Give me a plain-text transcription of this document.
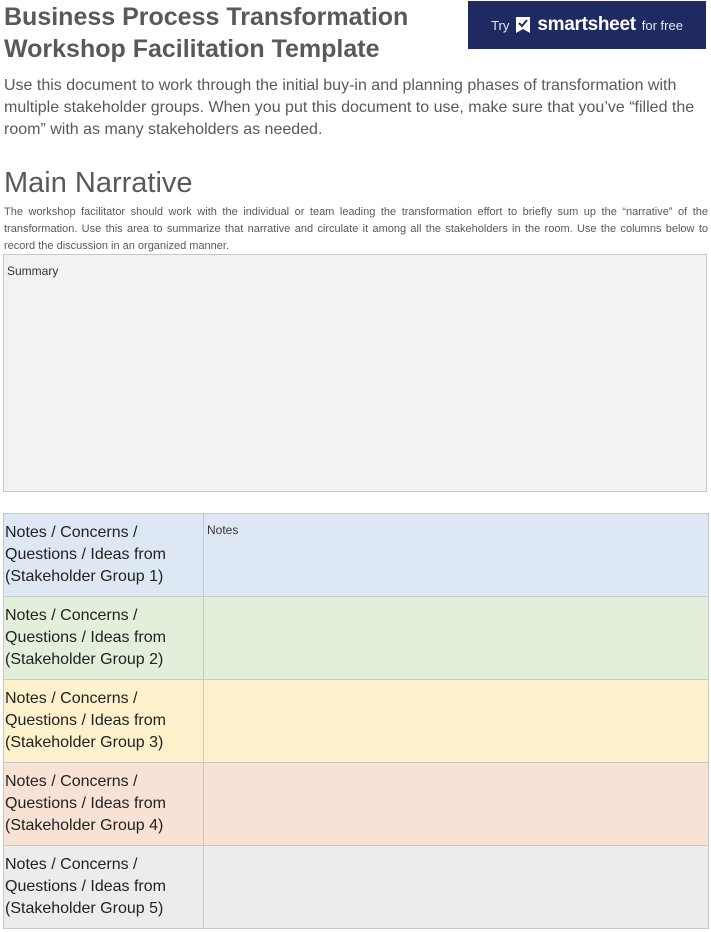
Business Process Transformation Workshop Facilitation Template
Try smartsheet for free
Use this document to work through the initial buy-in and planning phases of transformation with multiple stakeholder groups. When you put this document to use, make sure that you’ve “filled the room” with as many stakeholders as needed.
Main Narrative
The workshop facilitator should work with the individual or team leading the transformation effort to briefly sum up the “narrative” of the transformation. Use this area to summarize that narrative and circulate it among all the stakeholders in the room. Use the columns below to record the discussion in an organized manner.
Summary
Notes / Concerns / Questions / Ideas from (Stakeholder Group 1)	Notes

Notes / Concerns / Questions / Ideas from (Stakeholder Group 2)	
Notes / Concerns / Questions / Ideas from (Stakeholder Group 3)	
Notes / Concerns / Questions / Ideas from (Stakeholder Group 4)	
Notes / Concerns / Questions / Ideas from (Stakeholder Group 5)	
